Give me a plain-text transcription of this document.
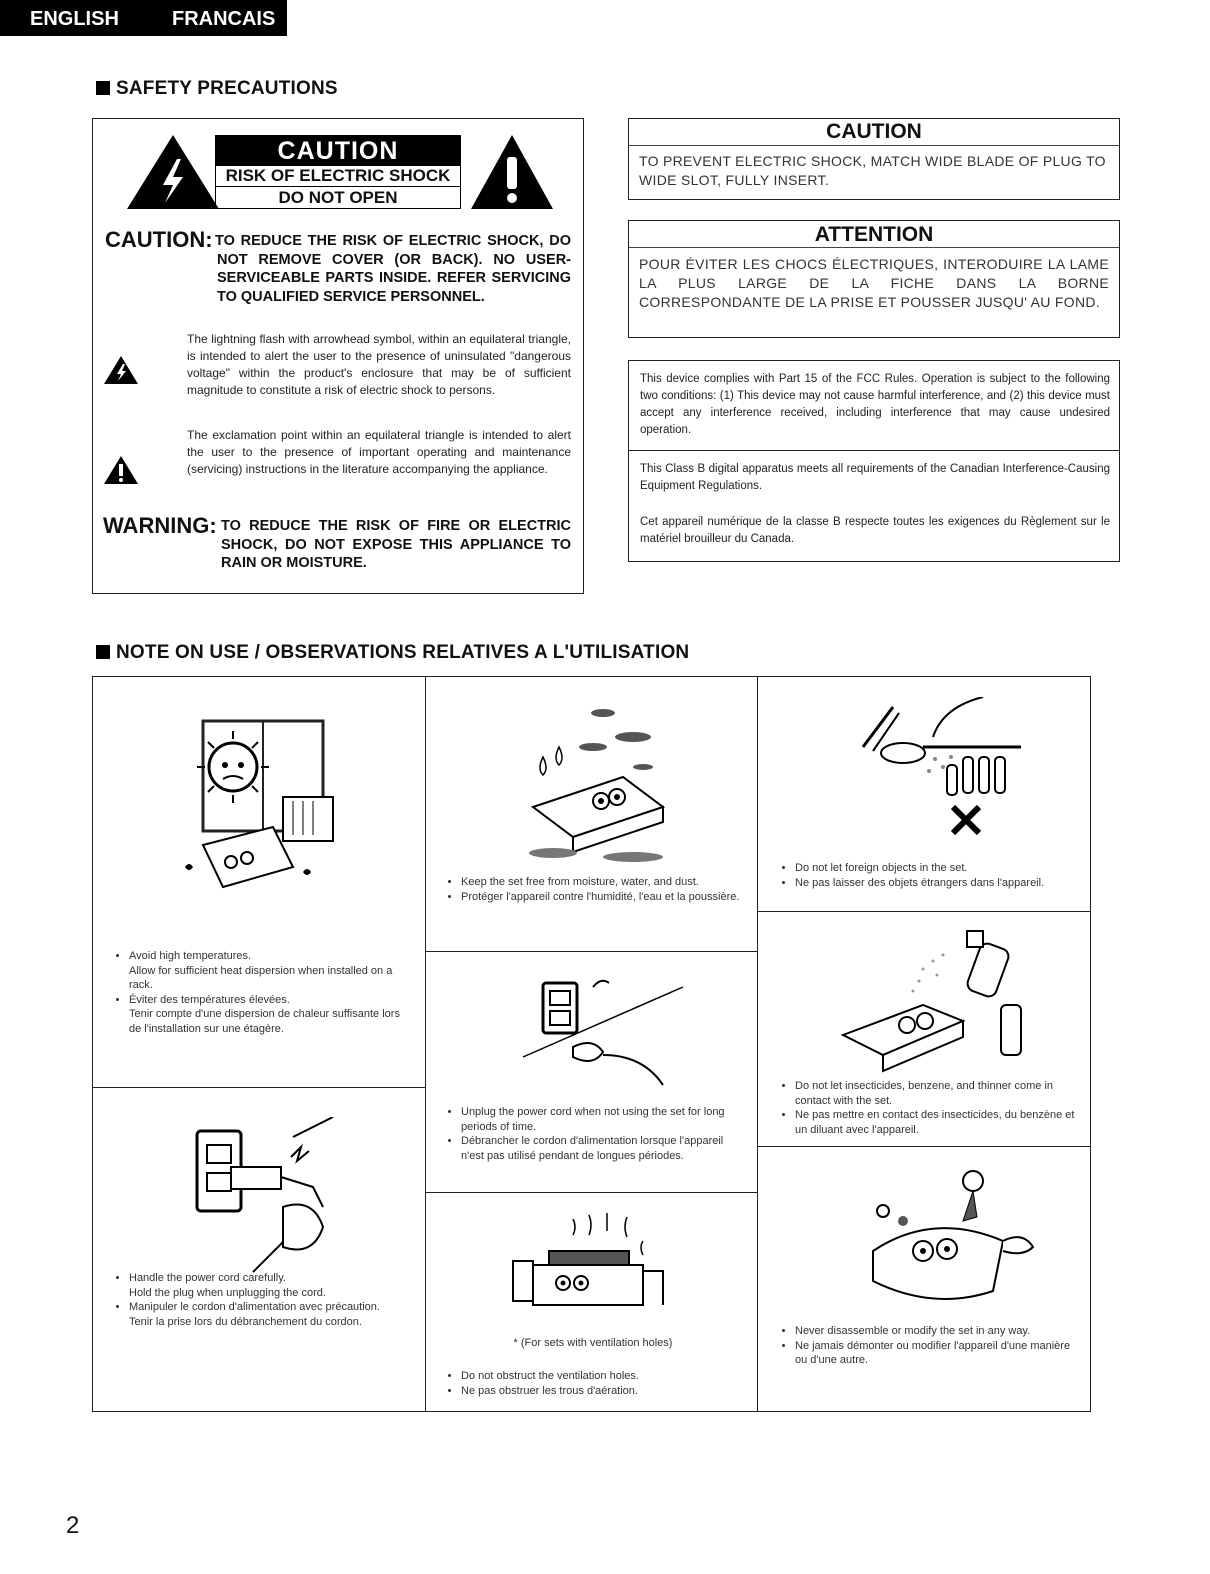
ENGLISH	FRANCAIS
SAFETY PRECAUTIONS
CAUTION
RISK OF ELECTRIC SHOCK
DO NOT OPEN
CAUTION: TO REDUCE THE RISK OF ELECTRIC SHOCK, DO NOT REMOVE COVER (OR BACK). NO USER-SERVICEABLE PARTS INSIDE. REFER SERVICING TO QUALIFIED SERVICE PERSONNEL.
The lightning flash with arrowhead symbol, within an equilateral triangle, is intended to alert the user to the presence of uninsulated "dangerous voltage" within the product's enclosure that may be of sufficient magnitude to constitute a risk of electric shock to persons.
The exclamation point within an equilateral triangle is intended to alert the user to the presence of important operating and maintenance (servicing) instructions in the literature accompanying the appliance.
WARNING: TO REDUCE THE RISK OF FIRE OR ELECTRIC SHOCK, DO NOT EXPOSE THIS APPLIANCE TO RAIN OR MOISTURE.
CAUTION
TO PREVENT ELECTRIC SHOCK, MATCH WIDE BLADE OF PLUG TO WIDE SLOT, FULLY INSERT.
ATTENTION
POUR ÉVITER LES CHOCS ÉLECTRIQUES, INTERODUIRE LA LAME LA PLUS LARGE DE LA FICHE DANS LA BORNE CORRESPONDANTE DE LA PRISE ET POUSSER JUSQU' AU FOND.
This device complies with Part 15 of the FCC Rules. Operation is subject to the following two conditions: (1) This device may not cause harmful interference, and (2) this device must accept any interference received, including interference that may cause undesired operation.
This Class B digital apparatus meets all requirements of the Canadian Interference-Causing Equipment Regulations.
Cet appareil numérique de la classe B respecte toutes les exigences du Règlement sur le matériel brouilleur du Canada.
NOTE ON USE / OBSERVATIONS RELATIVES A L'UTILISATION
• Avoid high temperatures.
Allow for sufficient heat dispersion when installed on a rack.
• Éviter des températures élevées.
Tenir compte d'une dispersion de chaleur suffisante lors de l'installation sur une étagère.
• Handle the power cord carefully.
Hold the plug when unplugging the cord.
• Manipuler le cordon d'alimentation avec précaution.
Tenir la prise lors du débranchement du cordon.
• Keep the set free from moisture, water, and dust.
• Protéger l'appareil contre l'humidité, l'eau et la poussière.
• Unplug the power cord when not using the set for long periods of time.
• Débrancher le cordon d'alimentation lorsque l'appareil n'est pas utilisé pendant de longues périodes.
* (For sets with ventilation holes)
• Do not obstruct the ventilation holes.
• Ne pas obstruer les trous d'aération.
• Do not let foreign objects in the set.
• Ne pas laisser des objets étrangers dans l'appareil.
• Do not let insecticides, benzene, and thinner come in contact with the set.
• Ne pas mettre en contact des insecticides, du benzène et un diluant avec l'appareil.
• Never disassemble or modify the set in any way.
• Ne jamais démonter ou modifier l'appareil d'une manière ou d'une autre.
2
